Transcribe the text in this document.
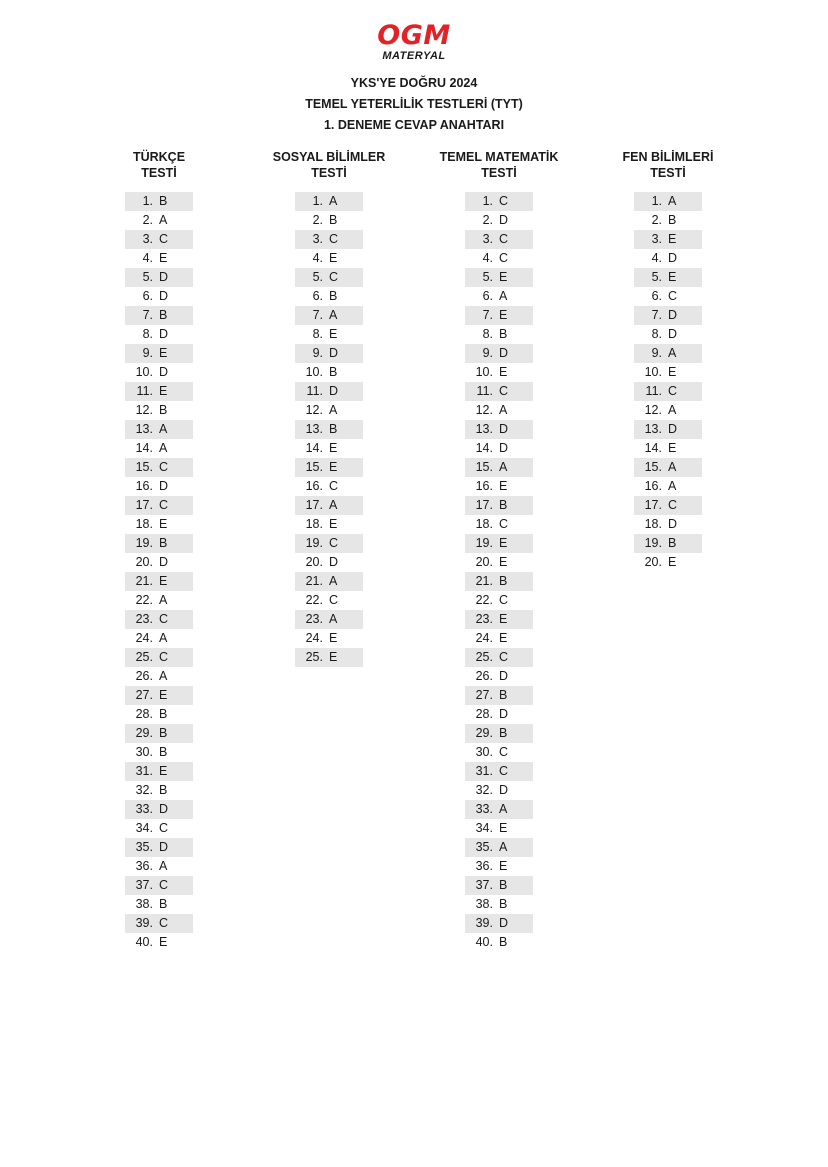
OGM
MATERYAL
YKS'YE DOĞRU 2024
TEMEL YETERLİLİK TESTLERİ (TYT)
1. DENEME CEVAP ANAHTARI
TÜRKÇE
TESTİ
1. B
2. A
3. C
4. E
5. D
6. D
7. B
8. D
9. E
10. D
11. E
12. B
13. A
14. A
15. C
16. D
17. C
18. E
19. B
20. D
21. E
22. A
23. C
24. A
25. C
26. A
27. E
28. B
29. B
30. B
31. E
32. B
33. D
34. C
35. D
36. A
37. C
38. B
39. C
40. E
SOSYAL BİLİMLER
TESTİ
1. A
2. B
3. C
4. E
5. C
6. B
7. A
8. E
9. D
10. B
11. D
12. A
13. B
14. E
15. E
16. C
17. A
18. E
19. C
20. D
21. A
22. C
23. A
24. E
25. E
TEMEL MATEMATİK
TESTİ
1. C
2. D
3. C
4. C
5. E
6. A
7. E
8. B
9. D
10. E
11. C
12. A
13. D
14. D
15. A
16. E
17. B
18. C
19. E
20. E
21. B
22. C
23. E
24. E
25. C
26. D
27. B
28. D
29. B
30. C
31. C
32. D
33. A
34. E
35. A
36. E
37. B
38. B
39. D
40. B
FEN BİLİMLERİ
TESTİ
1. A
2. B
3. E
4. D
5. E
6. C
7. D
8. D
9. A
10. E
11. C
12. A
13. D
14. E
15. A
16. A
17. C
18. D
19. B
20. E
